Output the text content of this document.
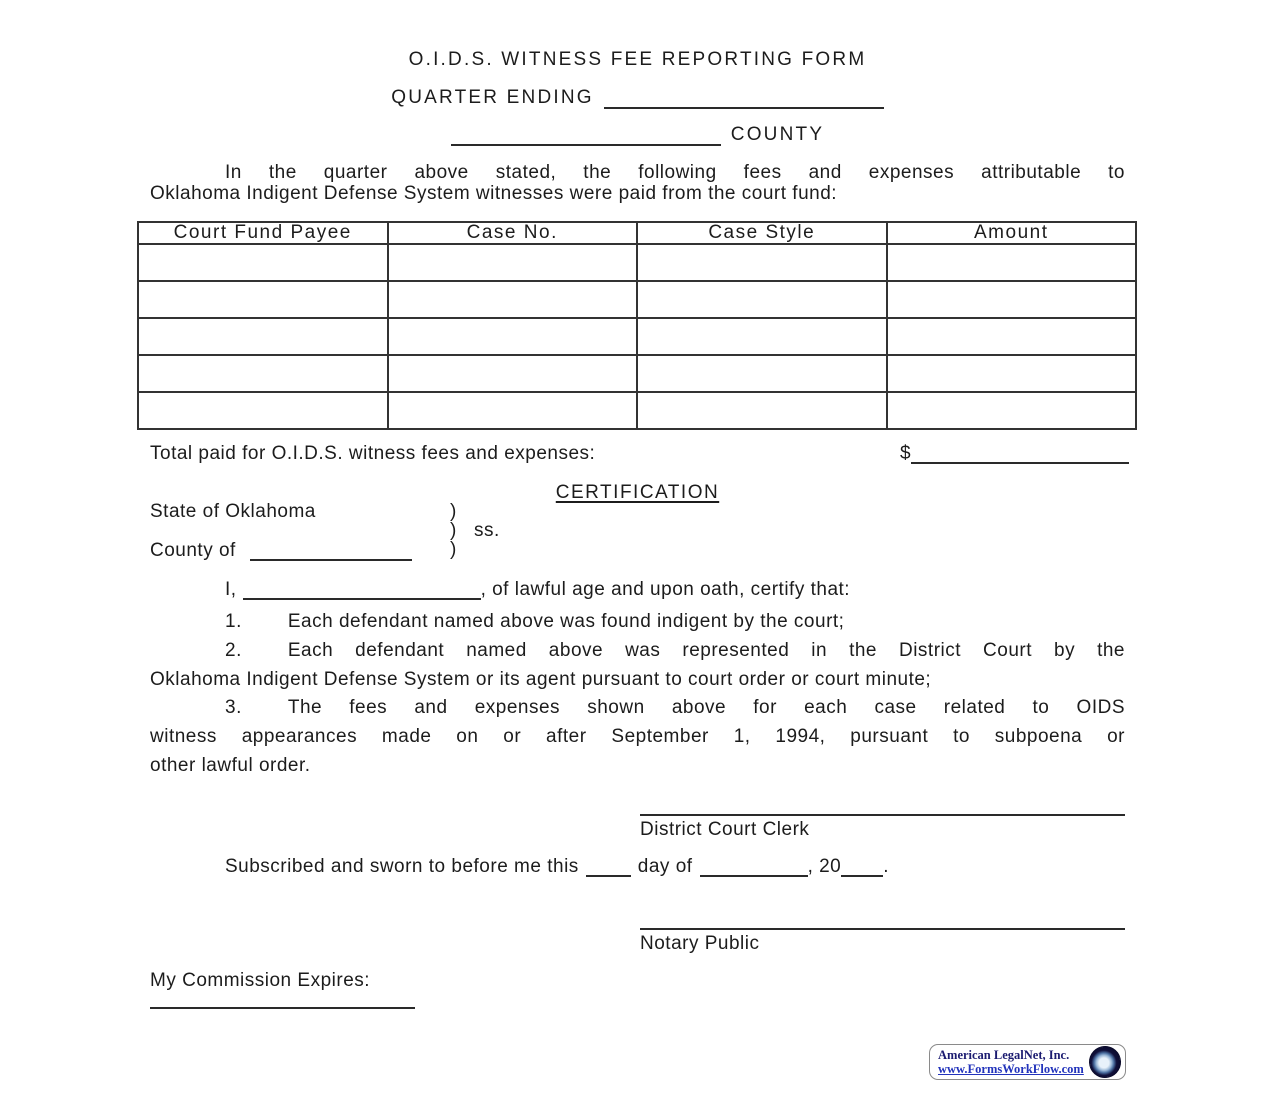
O.I.D.S. WITNESS FEE REPORTING FORM
QUARTER ENDING
COUNTY
In the quarter above stated, the following fees and expenses attributable to
Oklahoma Indigent Defense System witnesses were paid from the court fund:
Court Fund Payee	Case No.	Case Style	Amount

Total paid for O.I.D.S. witness fees and expenses:	$
CERTIFICATION
State of Oklahoma	)
) ss.
County of	)
I,	, of lawful age and upon oath, certify that:
1. Each defendant named above was found indigent by the court;
2. Each defendant named above was represented in the District Court by the
Oklahoma Indigent Defense System or its agent pursuant to court order or court minute;
3. The fees and expenses shown above for each case related to OIDS
witness appearances made on or after September 1, 1994, pursuant to subpoena or
other lawful order.
District Court Clerk
Subscribed and sworn to before me this	day of	, 20 .
Notary Public
My Commission Expires:
American LegalNet, Inc.
www.FormsWorkFlow.com
